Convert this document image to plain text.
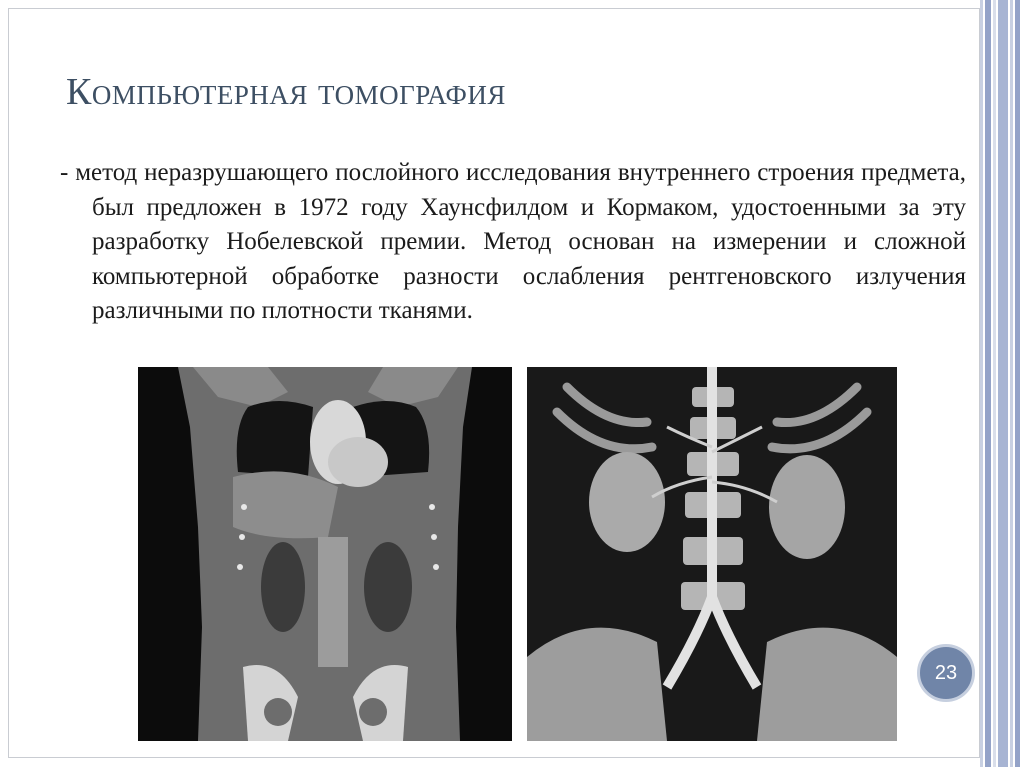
Компьютерная томография

- метод неразрушающего послойного исследования внутреннего строения предмета, был предложен в 1972 году Хаунсфилдом и Кормаком, удостоенными за эту разработку Нобелевской премии. Метод основан на измерении и сложной компьютерной обработке разности ослабления рентгеновского излучения различными по плотности тканями.

23
